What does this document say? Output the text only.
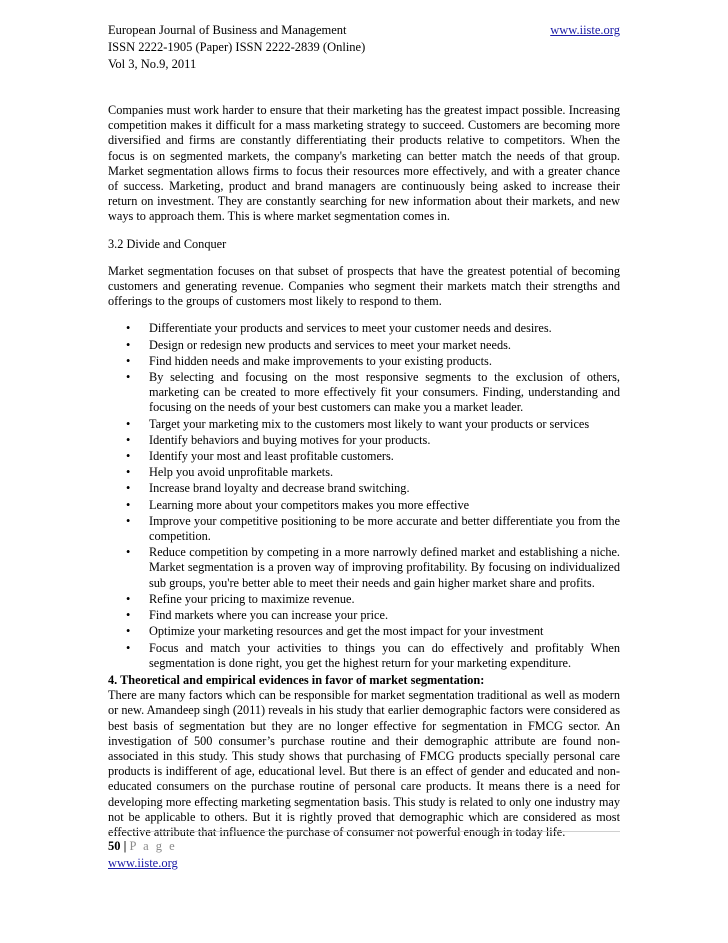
European Journal of Business and Management	www.iiste.org
ISSN 2222-1905 (Paper) ISSN 2222-2839 (Online)
Vol 3, No.9, 2011

Companies must work harder to ensure that their marketing has the greatest impact possible. Increasing competition makes it difficult for a mass marketing strategy to succeed. Customers are becoming more diversified and firms are constantly differentiating their products relative to competitors. When the focus is on segmented markets, the company's marketing can better match the needs of that group. Market segmentation allows firms to focus their resources more effectively, and with a greater chance of success. Marketing, product and brand managers are continuously being asked to increase their return on investment. They are constantly searching for new information about their markets, and new ways to approach them. This is where market segmentation comes in.

3.2 Divide and Conquer

Market segmentation focuses on that subset of prospects that have the greatest potential of becoming customers and generating revenue. Companies who segment their markets match their strengths and offerings to the groups of customers most likely to respond to them.

• Differentiate your products and services to meet your customer needs and desires.
• Design or redesign new products and services to meet your market needs.
• Find hidden needs and make improvements to your existing products.
• By selecting and focusing on the most responsive segments to the exclusion of others, marketing can be created to more effectively fit your consumers. Finding, understanding and focusing on the needs of your best customers can make you a market leader.
• Target your marketing mix to the customers most likely to want your products or services
• Identify behaviors and buying motives for your products.
• Identify your most and least profitable customers.
• Help you avoid unprofitable markets.
• Increase brand loyalty and decrease brand switching.
• Learning more about your competitors makes you more effective
• Improve your competitive positioning to be more accurate and better differentiate you from the competition.
• Reduce competition by competing in a more narrowly defined market and establishing a niche. Market segmentation is a proven way of improving profitability. By focusing on individualized sub groups, you're better able to meet their needs and gain higher market share and profits.
• Refine your pricing to maximize revenue.
• Find markets where you can increase your price.
• Optimize your marketing resources and get the most impact for your investment
• Focus and match your activities to things you can do effectively and profitably When segmentation is done right, you get the highest return for your marketing expenditure.

4. Theoretical and empirical evidences in favor of market segmentation:

There are many factors which can be responsible for market segmentation traditional as well as modern or new. Amandeep singh (2011) reveals in his study that earlier demographic factors were considered as best basis of segmentation but they are no longer effective for segmentation in FMCG sector. An investigation of 500 consumer’s purchase routine and their demographic attribute are found non-associated in this study. This study shows that purchasing of FMCG products specially personal care products is indifferent of age, educational level. But there is an effect of gender and educated and non-educated consumers on the purchase routine of personal care products. It means there is a need for developing more effecting marketing segmentation basis. This study is related to only one industry may not be applicable to others. But it is rightly proved that demographic which are considered as most

50 | P a g e
www.iiste.org
